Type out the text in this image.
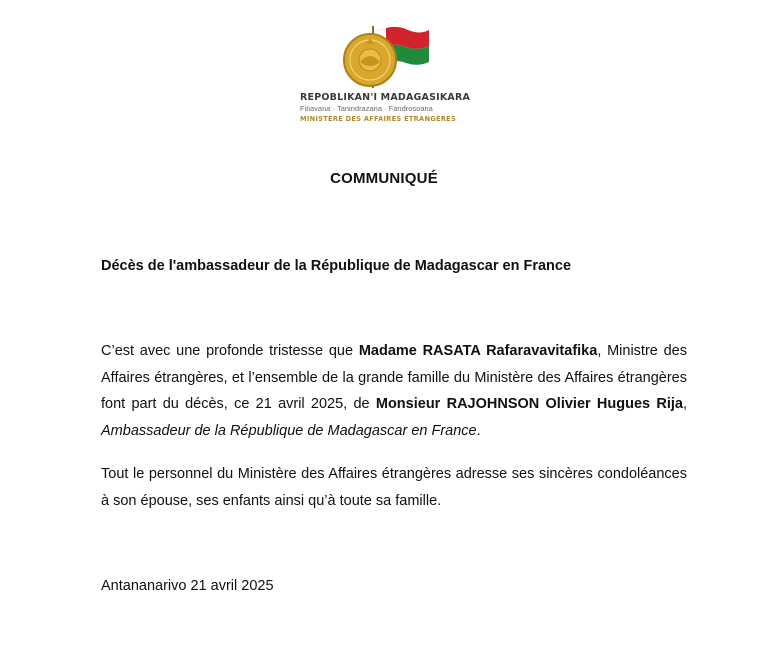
REPOBLIKAN'I MADAGASIKARA
Fitiavana · Tanindrazana · Fandrosoana
MINISTÈRE DES AFFAIRES ÉTRANGÈRES
COMMUNIQUÉ
Décès de l'ambassadeur de la République de Madagascar en France
C’est avec une profonde tristesse que Madame RASATA Rafaravavitafika, Ministre des Affaires étrangères, et l’ensemble de la grande famille du Ministère des Affaires étrangères font part du décès, ce 21 avril 2025, de Monsieur RAJOHNSON Olivier Hugues Rija, Ambassadeur de la République de Madagascar en France.
Tout le personnel du Ministère des Affaires étrangères adresse ses sincères condoléances à son épouse, ses enfants ainsi qu’à toute sa famille.
Antananarivo 21 avril 2025
